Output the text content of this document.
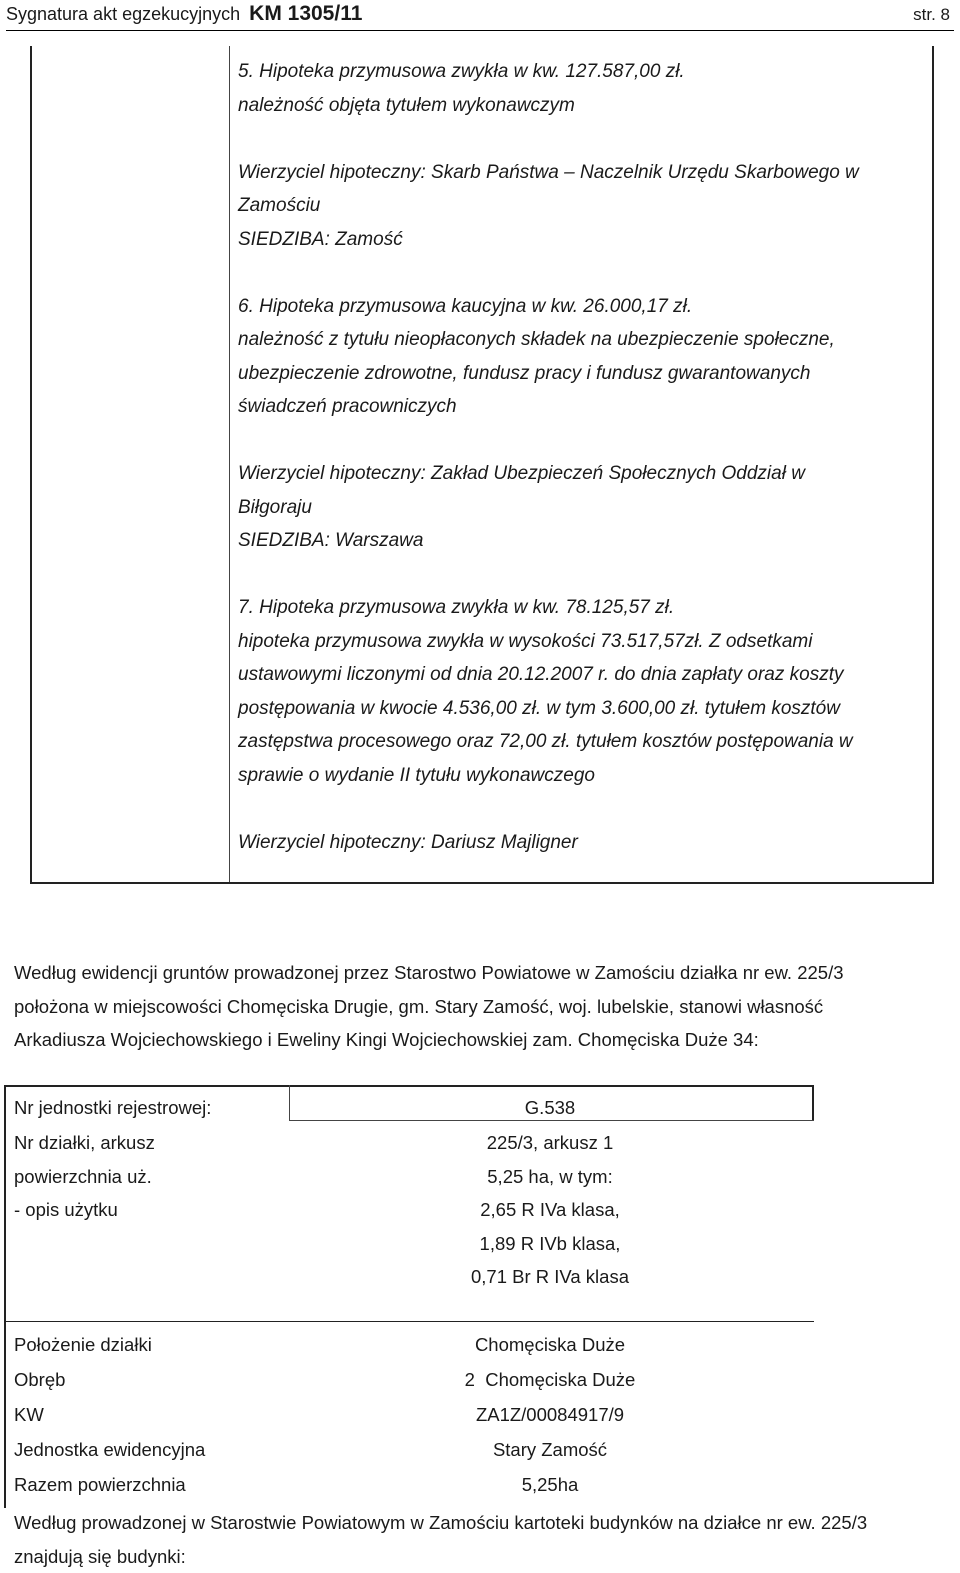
Sygnatura akt egzekucyjnych KM 1305/11	str. 8

5. Hipoteka przymusowa zwykła w kw. 127.587,00 zł.

należność objęta tytułem wykonawczym

Wierzyciel hipoteczny: Skarb Państwa – Naczelnik Urzędu Skarbowego w

Zamościu

SIEDZIBA: Zamość

6. Hipoteka przymusowa kaucyjna w kw. 26.000,17 zł.

należność z tytułu nieopłaconych składek na ubezpieczenie społeczne,

ubezpieczenie zdrowotne, fundusz pracy i fundusz gwarantowanych

świadczeń pracowniczych

Wierzyciel hipoteczny: Zakład Ubezpieczeń Społecznych Oddział w

Biłgoraju

SIEDZIBA: Warszawa

7. Hipoteka przymusowa zwykła w kw. 78.125,57 zł.

hipoteka przymusowa zwykła w wysokości 73.517,57zł. Z odsetkami

ustawowymi liczonymi od dnia 20.12.2007 r. do dnia zapłaty oraz koszty

postępowania w kwocie 4.536,00 zł. w tym 3.600,00 zł. tytułem kosztów

zastępstwa procesowego oraz 72,00 zł. tytułem kosztów postępowania w

sprawie o wydanie II tytułu wykonawczego

Wierzyciel hipoteczny: Dariusz Majligner

Według ewidencji gruntów prowadzonej przez Starostwo Powiatowe w Zamościu działka nr ew. 225/3

położona w miejscowości Chomęciska Drugie, gm. Stary Zamość, woj. lubelskie, stanowi własność

Arkadiusza Wojciechowskiego i Eweliny Kingi Wojciechowskiej zam. Chomęciska Duże 34:

Nr jednostki rejestrowej:	G.538
Nr działki, arkusz	225/3, arkusz 1
powierzchnia uż.	5,25 ha, w tym:
- opis użytku	2,65 R IVa klasa,
1,89 R IVb klasa,
0,71 Br R IVa klasa
Położenie działki	Chomęciska Duże
Obręb	2  Chomęciska Duże
KW	ZA1Z/00084917/9
Jednostka ewidencyjna	Stary Zamość
Razem powierzchnia	5,25ha

Według prowadzonej w Starostwie Powiatowym w Zamościu kartoteki budynków na działce nr ew. 225/3

znajdują się budynki:
